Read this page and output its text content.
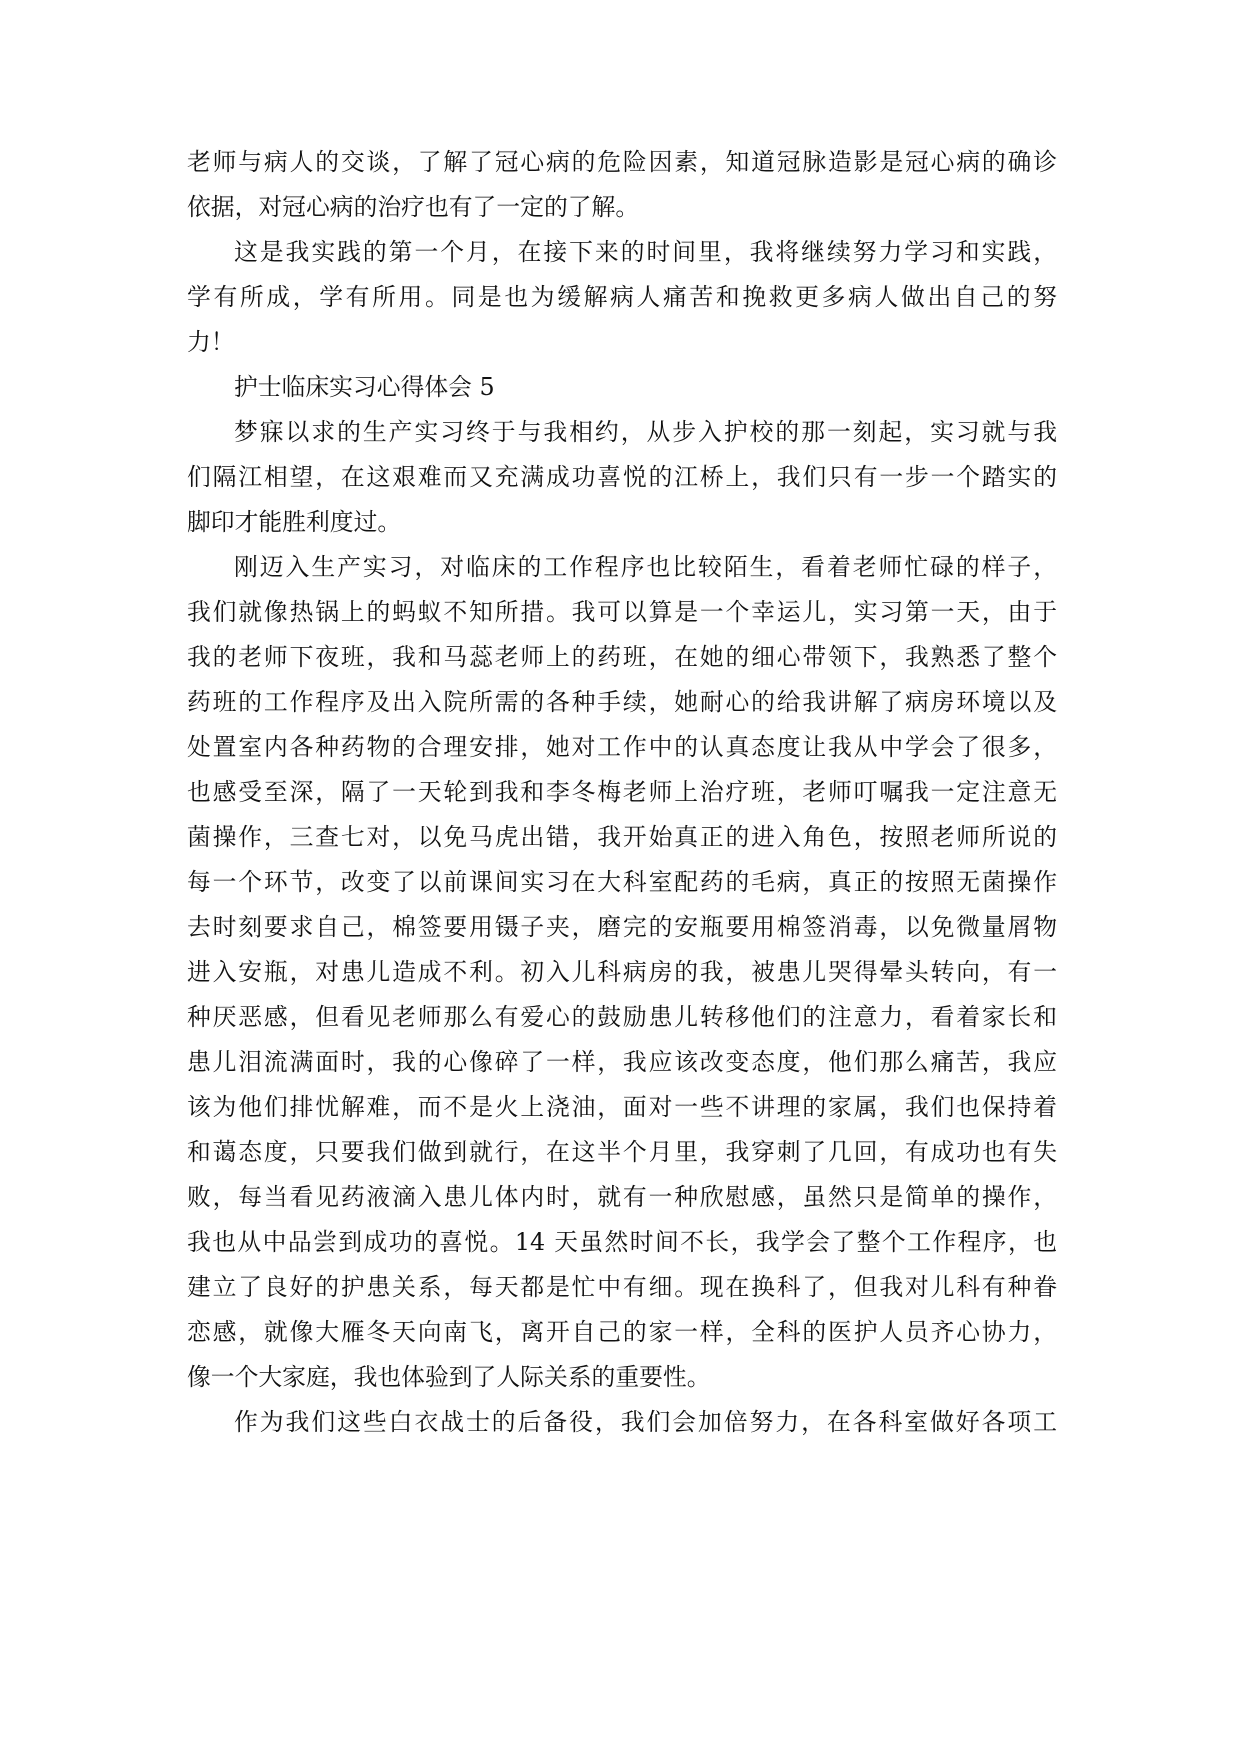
老师与病人的交谈，了解了冠心病的危险因素，知道冠脉造影是冠心病的确诊
依据，对冠心病的治疗也有了一定的了解。
这是我实践的第一个月，在接下来的时间里，我将继续努力学习和实践，
学有所成，学有所用。同是也为缓解病人痛苦和挽救更多病人做出自己的努
力！
护士临床实习心得体会 5
梦寐以求的生产实习终于与我相约，从步入护校的那一刻起，实习就与我
们隔江相望，在这艰难而又充满成功喜悦的江桥上，我们只有一步一个踏实的
脚印才能胜利度过。
刚迈入生产实习，对临床的工作程序也比较陌生，看着老师忙碌的样子，
我们就像热锅上的蚂蚁不知所措。我可以算是一个幸运儿，实习第一天，由于
我的老师下夜班，我和马蕊老师上的药班，在她的细心带领下，我熟悉了整个
药班的工作程序及出入院所需的各种手续，她耐心的给我讲解了病房环境以及
处置室内各种药物的合理安排，她对工作中的认真态度让我从中学会了很多，
也感受至深，隔了一天轮到我和李冬梅老师上治疗班，老师叮嘱我一定注意无
菌操作，三查七对，以免马虎出错，我开始真正的进入角色，按照老师所说的
每一个环节，改变了以前课间实习在大科室配药的毛病，真正的按照无菌操作
去时刻要求自己，棉签要用镊子夹，磨完的安瓶要用棉签消毒，以免微量屑物
进入安瓶，对患儿造成不利。初入儿科病房的我，被患儿哭得晕头转向，有一
种厌恶感，但看见老师那么有爱心的鼓励患儿转移他们的注意力，看着家长和
患儿泪流满面时，我的心像碎了一样，我应该改变态度，他们那么痛苦，我应
该为他们排忧解难，而不是火上浇油，面对一些不讲理的家属，我们也保持着
和蔼态度，只要我们做到就行，在这半个月里，我穿刺了几回，有成功也有失
败，每当看见药液滴入患儿体内时，就有一种欣慰感，虽然只是简单的操作，
我也从中品尝到成功的喜悦。14 天虽然时间不长，我学会了整个工作程序，也
建立了良好的护患关系，每天都是忙中有细。现在换科了，但我对儿科有种眷
恋感，就像大雁冬天向南飞，离开自己的家一样，全科的医护人员齐心协力，
像一个大家庭，我也体验到了人际关系的重要性。
作为我们这些白衣战士的后备役，我们会加倍努力，在各科室做好各项工
